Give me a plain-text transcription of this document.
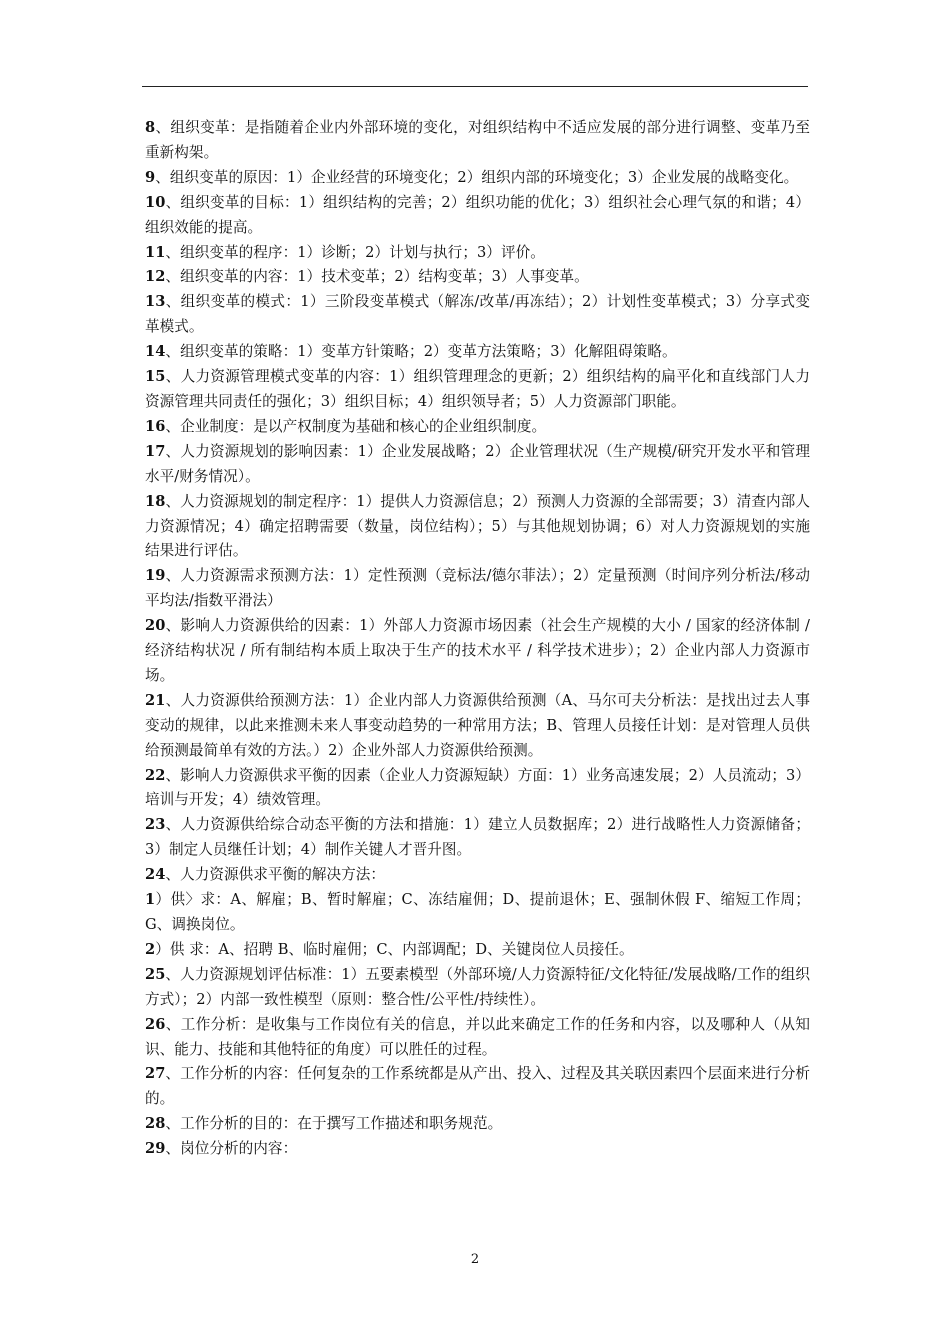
8、组织变革：是指随着企业内外部环境的变化，对组织结构中不适应发展的部分进行调整、变革乃至重新构架。

9、组织变革的原因：1）企业经营的环境变化；2）组织内部的环境变化；3）企业发展的战略变化。

10、组织变革的目标：1）组织结构的完善；2）组织功能的优化；3）组织社会心理气氛的和谐；4）组织效能的提高。

11、组织变革的程序：1）诊断；2）计划与执行；3）评价。

12、组织变革的内容：1）技术变革；2）结构变革；3）人事变革。

13、组织变革的模式：1）三阶段变革模式（解冻/改革/再冻结）；2）计划性变革模式；3）分享式变革模式。

14、组织变革的策略：1）变革方针策略；2）变革方法策略；3）化解阻碍策略。

15、人力资源管理模式变革的内容：1）组织管理理念的更新；2）组织结构的扁平化和直线部门人力资源管理共同责任的强化；3）组织目标；4）组织领导者；5）人力资源部门职能。

16、企业制度：是以产权制度为基础和核心的企业组织制度。

17、人力资源规划的影响因素：1）企业发展战略；2）企业管理状况（生产规模/研究开发水平和管理水平/财务情况）。

18、人力资源规划的制定程序：1）提供人力资源信息；2）预测人力资源的全部需要；3）清查内部人力资源情况；4）确定招聘需要（数量，岗位结构）；5）与其他规划协调；6）对人力资源规划的实施结果进行评估。

19、人力资源需求预测方法：1）定性预测（竞标法/德尔菲法）；2）定量预测（时间序列分析法/移动平均法/指数平滑法）

20、影响人力资源供给的因素：1）外部人力资源市场因素（社会生产规模的大小 / 国家的经济体制 / 经济结构状况 / 所有制结构本质上取决于生产的技术水平 / 科学技术进步）；2）企业内部人力资源市场。

21、人力资源供给预测方法：1）企业内部人力资源供给预测（A、马尔可夫分析法：是找出过去人事变动的规律，以此来推测未来人事变动趋势的一种常用方法；B、管理人员接任计划：是对管理人员供给预测最简单有效的方法。）2）企业外部人力资源供给预测。

22、影响人力资源供求平衡的因素（企业人力资源短缺）方面：1）业务高速发展；2）人员流动；3）培训与开发；4）绩效管理。

23、人力资源供给综合动态平衡的方法和措施：1）建立人员数据库；2）进行战略性人力资源储备；3）制定人员继任计划；4）制作关键人才晋升图。

24、人力资源供求平衡的解决方法：

1）供〉求：A、解雇；B、暂时解雇；C、冻结雇佣；D、提前退休；E、强制休假 F、缩短工作周；G、调换岗位。

2）供 求：A、招聘 B、临时雇佣；C、内部调配；D、关键岗位人员接任。

25、人力资源规划评估标准：1）五要素模型（外部环境/人力资源特征/文化特征/发展战略/工作的组织方式）；2）内部一致性模型（原则：整合性/公平性/持续性）。

26、工作分析：是收集与工作岗位有关的信息，并以此来确定工作的任务和内容，以及哪种人（从知识、能力、技能和其他特征的角度）可以胜任的过程。

27、工作分析的内容：任何复杂的工作系统都是从产出、投入、过程及其关联因素四个层面来进行分析的。

28、工作分析的目的：在于撰写工作描述和职务规范。

29、岗位分析的内容：

2
